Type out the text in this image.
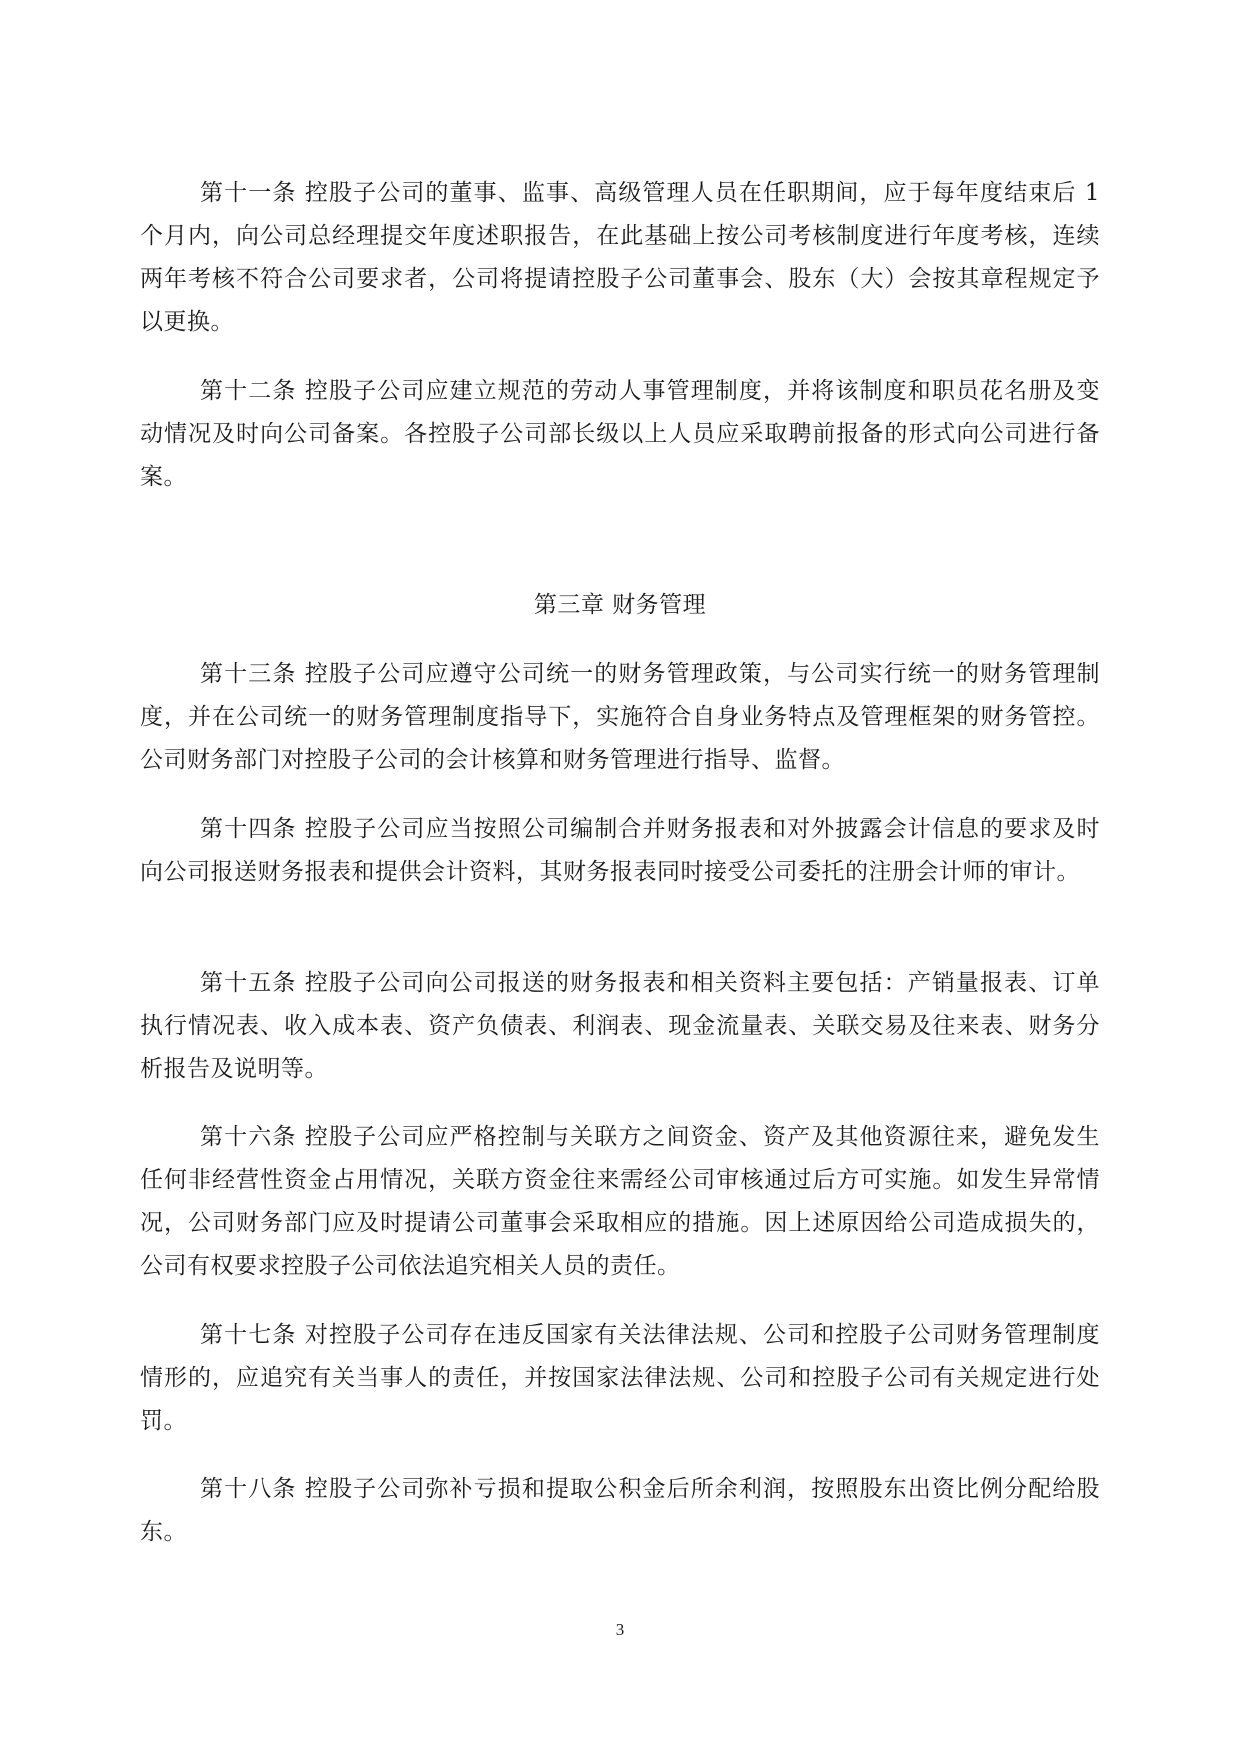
第十一条 控股子公司的董事、监事、高级管理人员在任职期间，应于每年度结束后 1个月内，向公司总经理提交年度述职报告，在此基础上按公司考核制度进行年度考核，连续两年考核不符合公司要求者，公司将提请控股子公司董事会、股东（大）会按其章程规定予以更换。

第十二条 控股子公司应建立规范的劳动人事管理制度，并将该制度和职员花名册及变动情况及时向公司备案。各控股子公司部长级以上人员应采取聘前报备的形式向公司进行备案。

第三章 财务管理

第十三条 控股子公司应遵守公司统一的财务管理政策，与公司实行统一的财务管理制度，并在公司统一的财务管理制度指导下，实施符合自身业务特点及管理框架的财务管控。公司财务部门对控股子公司的会计核算和财务管理进行指导、监督。

第十四条 控股子公司应当按照公司编制合并财务报表和对外披露会计信息的要求及时向公司报送财务报表和提供会计资料，其财务报表同时接受公司委托的注册会计师的审计。

第十五条 控股子公司向公司报送的财务报表和相关资料主要包括：产销量报表、订单执行情况表、收入成本表、资产负债表、利润表、现金流量表、关联交易及往来表、财务分析报告及说明等。

第十六条 控股子公司应严格控制与关联方之间资金、资产及其他资源往来，避免发生任何非经营性资金占用情况，关联方资金往来需经公司审核通过后方可实施。如发生异常情况，公司财务部门应及时提请公司董事会采取相应的措施。因上述原因给公司造成损失的，公司有权要求控股子公司依法追究相关人员的责任。

第十七条 对控股子公司存在违反国家有关法律法规、公司和控股子公司财务管理制度情形的，应追究有关当事人的责任，并按国家法律法规、公司和控股子公司有关规定进行处罚。

第十八条 控股子公司弥补亏损和提取公积金后所余利润，按照股东出资比例分配给股东。

3
